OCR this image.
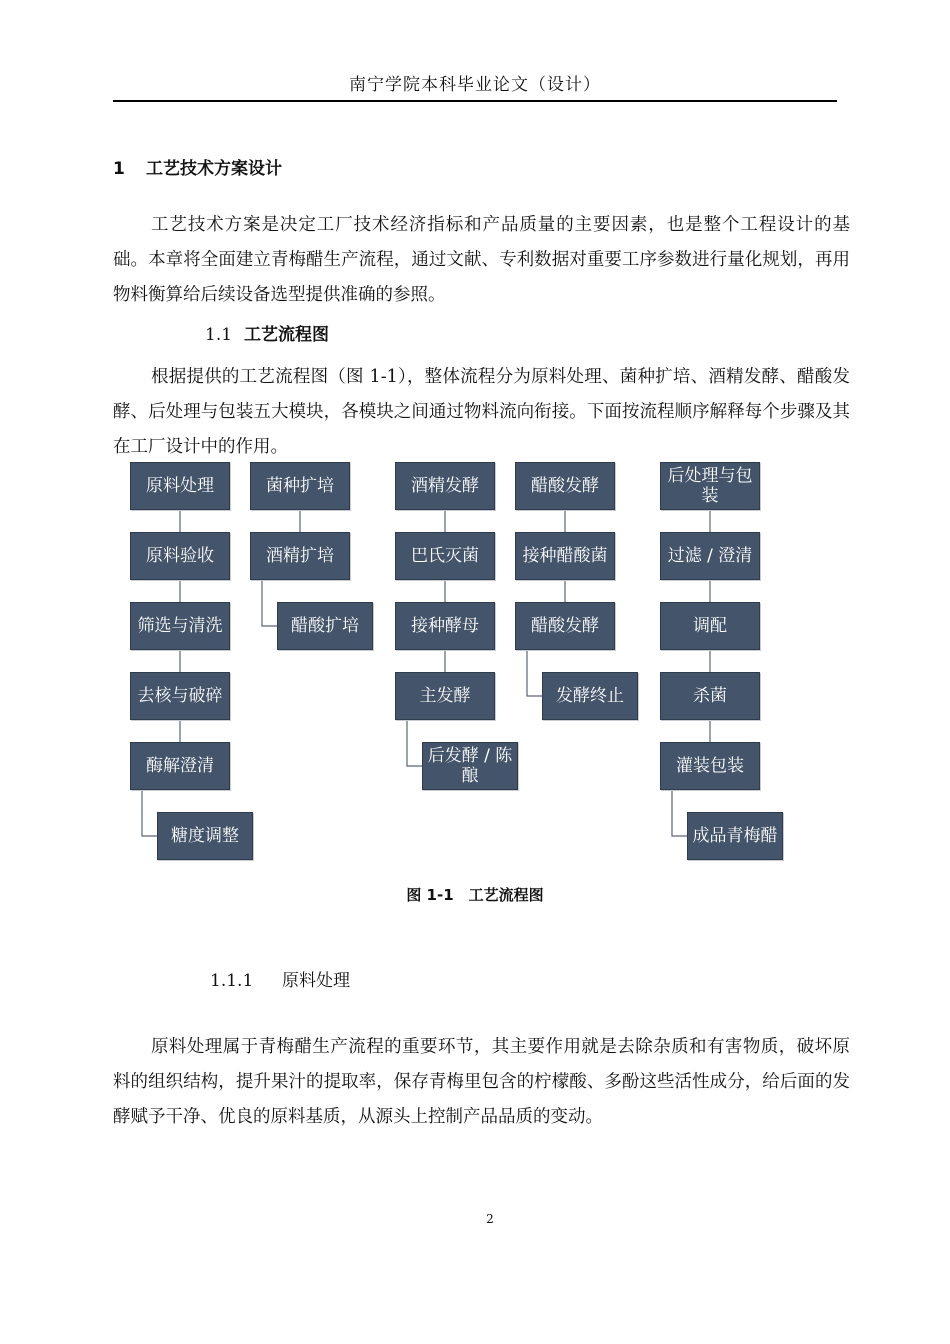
南宁学院本科毕业论文（设计）
1 工艺技术方案设计

工艺技术方案是决定工厂技术经济指标和产品质量的主要因素，也是整个工程设计的基础。本章将全面建立青梅醋生产流程，通过文献、专利数据对重要工序参数进行量化规划，再用物料衡算给后续设备选型提供准确的参照。

1.1 工艺流程图

根据提供的工艺流程图（图 1-1），整体流程分为原料处理、菌种扩培、酒精发酵、醋酸发酵、后处理与包装五大模块，各模块之间通过物料流向衔接。下面按流程顺序解释每个步骤及其在工厂设计中的作用。

原料处理
原料验收
筛选与清洗
去核与破碎
酶解澄清
糖度调整
菌种扩培
酒精扩培
醋酸扩培
酒精发酵
巴氏灭菌
接种酵母
主发酵
后发酵 / 陈酿
醋酸发酵
接种醋酸菌
醋酸发酵
发酵终止
后处理与包装
过滤 / 澄清
调配
杀菌
灌装包装
成品青梅醋
图 1-1　工艺流程图
1.1.1 原料处理

原料处理属于青梅醋生产流程的重要环节，其主要作用就是去除杂质和有害物质，破坏原料的组织结构，提升果汁的提取率，保存青梅里包含的柠檬酸、多酚这些活性成分，给后面的发酵赋予干净、优良的原料基质，从源头上控制产品品质的变动。

2
